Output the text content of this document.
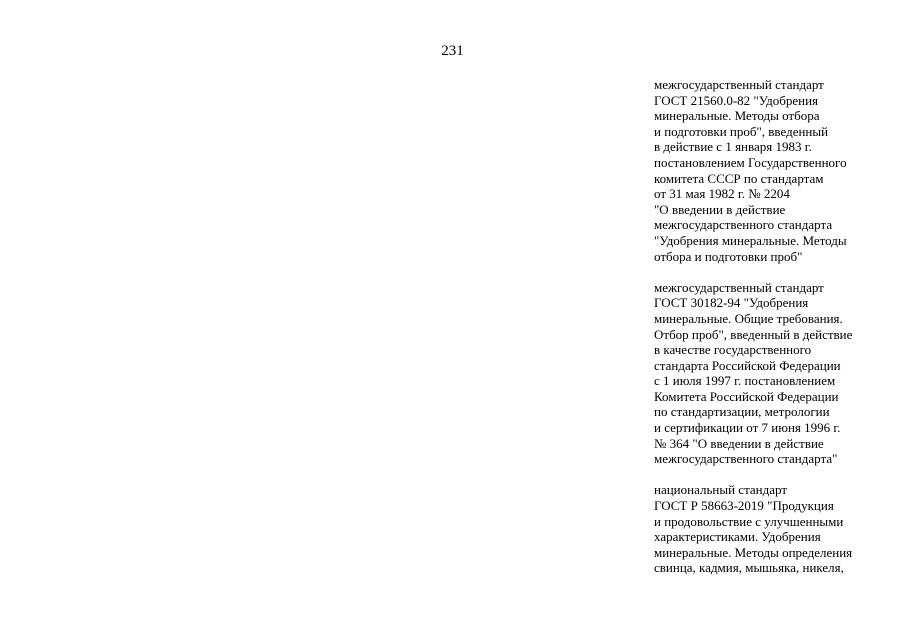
231
межгосударственный стандарт
ГОСТ 21560.0-82 "Удобрения
минеральные. Методы отбора
и подготовки проб", введенный
в действие с 1 января 1983 г.
постановлением Государственного
комитета СССР по стандартам
от 31 мая 1982 г. № 2204
"О введении в действие
межгосударственного стандарта
"Удобрения минеральные. Методы
отбора и подготовки проб"
межгосударственный стандарт
ГОСТ 30182-94 "Удобрения
минеральные. Общие требования.
Отбор проб", введенный в действие
в качестве государственного
стандарта Российской Федерации
с 1 июля 1997 г. постановлением
Комитета Российской Федерации
по стандартизации, метрологии
и сертификации от 7 июня 1996 г.
№ 364 "О введении в действие
межгосударственного стандарта"
национальный стандарт
ГОСТ Р 58663-2019 "Продукция
и продовольствие с улучшенными
характеристиками. Удобрения
минеральные. Методы определения
свинца, кадмия, мышьяка, никеля,
